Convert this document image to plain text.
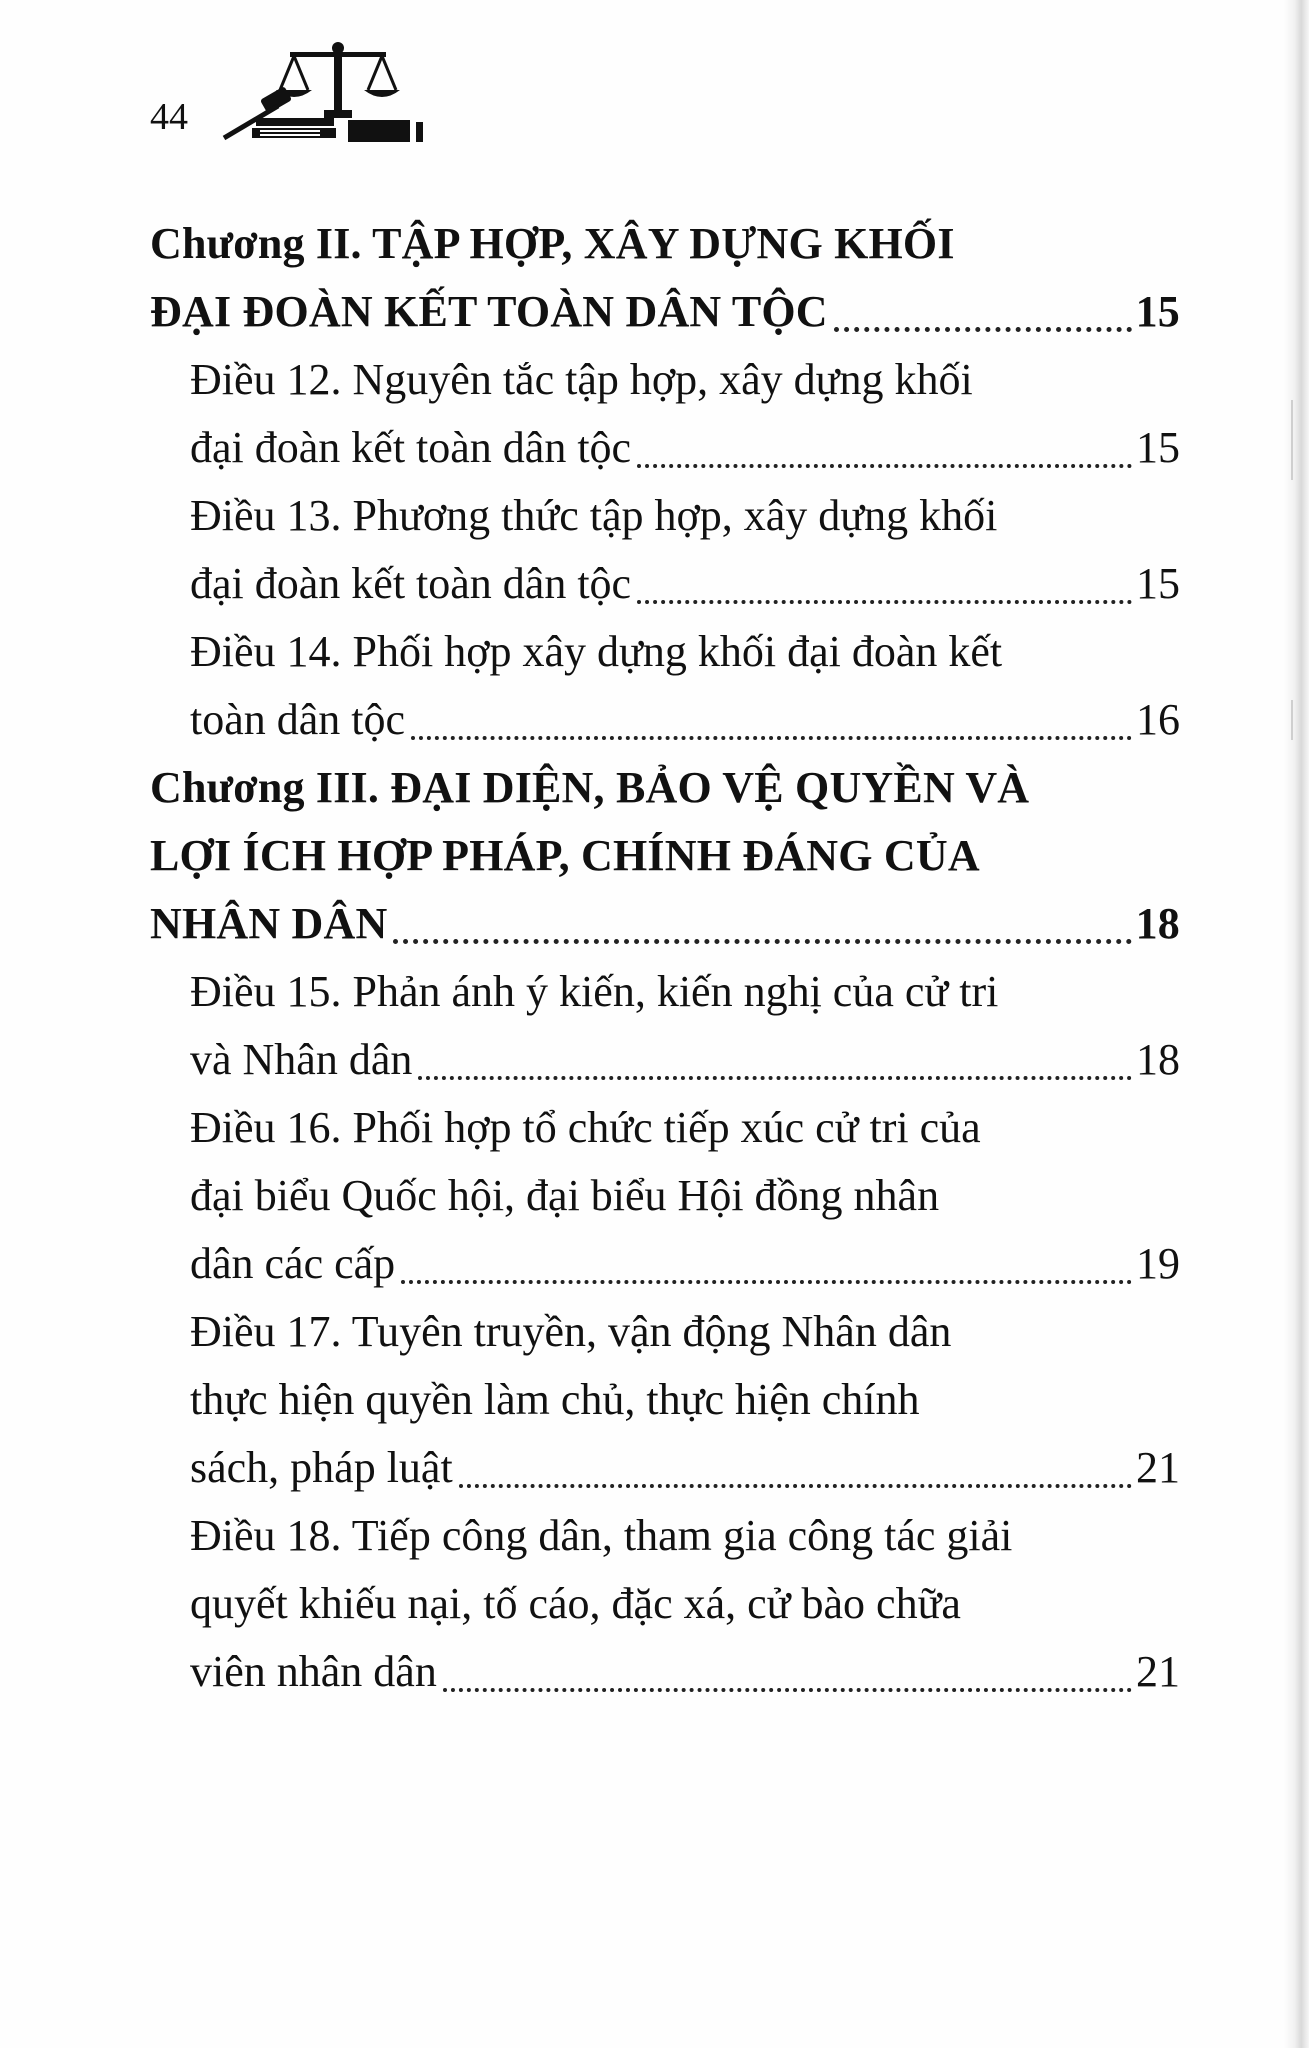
44
Chương II. TẬP HỢP, XÂY DỰNG KHỐI
ĐẠI ĐOÀN KẾT TOÀN DÂN TỘC	15
Điều 12. Nguyên tắc tập hợp, xây dựng khối
đại đoàn kết toàn dân tộc	15
Điều 13. Phương thức tập hợp, xây dựng khối
đại đoàn kết toàn dân tộc	15
Điều 14. Phối hợp xây dựng khối đại đoàn kết
toàn dân tộc	16
Chương III. ĐẠI DIỆN, BẢO VỆ QUYỀN VÀ
LỢI ÍCH HỢP PHÁP, CHÍNH ĐÁNG CỦA
NHÂN DÂN	18
Điều 15. Phản ánh ý kiến, kiến nghị của cử tri
và Nhân dân	18
Điều 16. Phối hợp tổ chức tiếp xúc cử tri của
đại biểu Quốc hội, đại biểu Hội đồng nhân
dân các cấp	19
Điều 17. Tuyên truyền, vận động Nhân dân
thực hiện quyền làm chủ, thực hiện chính
sách, pháp luật	21
Điều 18. Tiếp công dân, tham gia công tác giải
quyết khiếu nại, tố cáo, đặc xá, cử bào chữa
viên nhân dân	21
